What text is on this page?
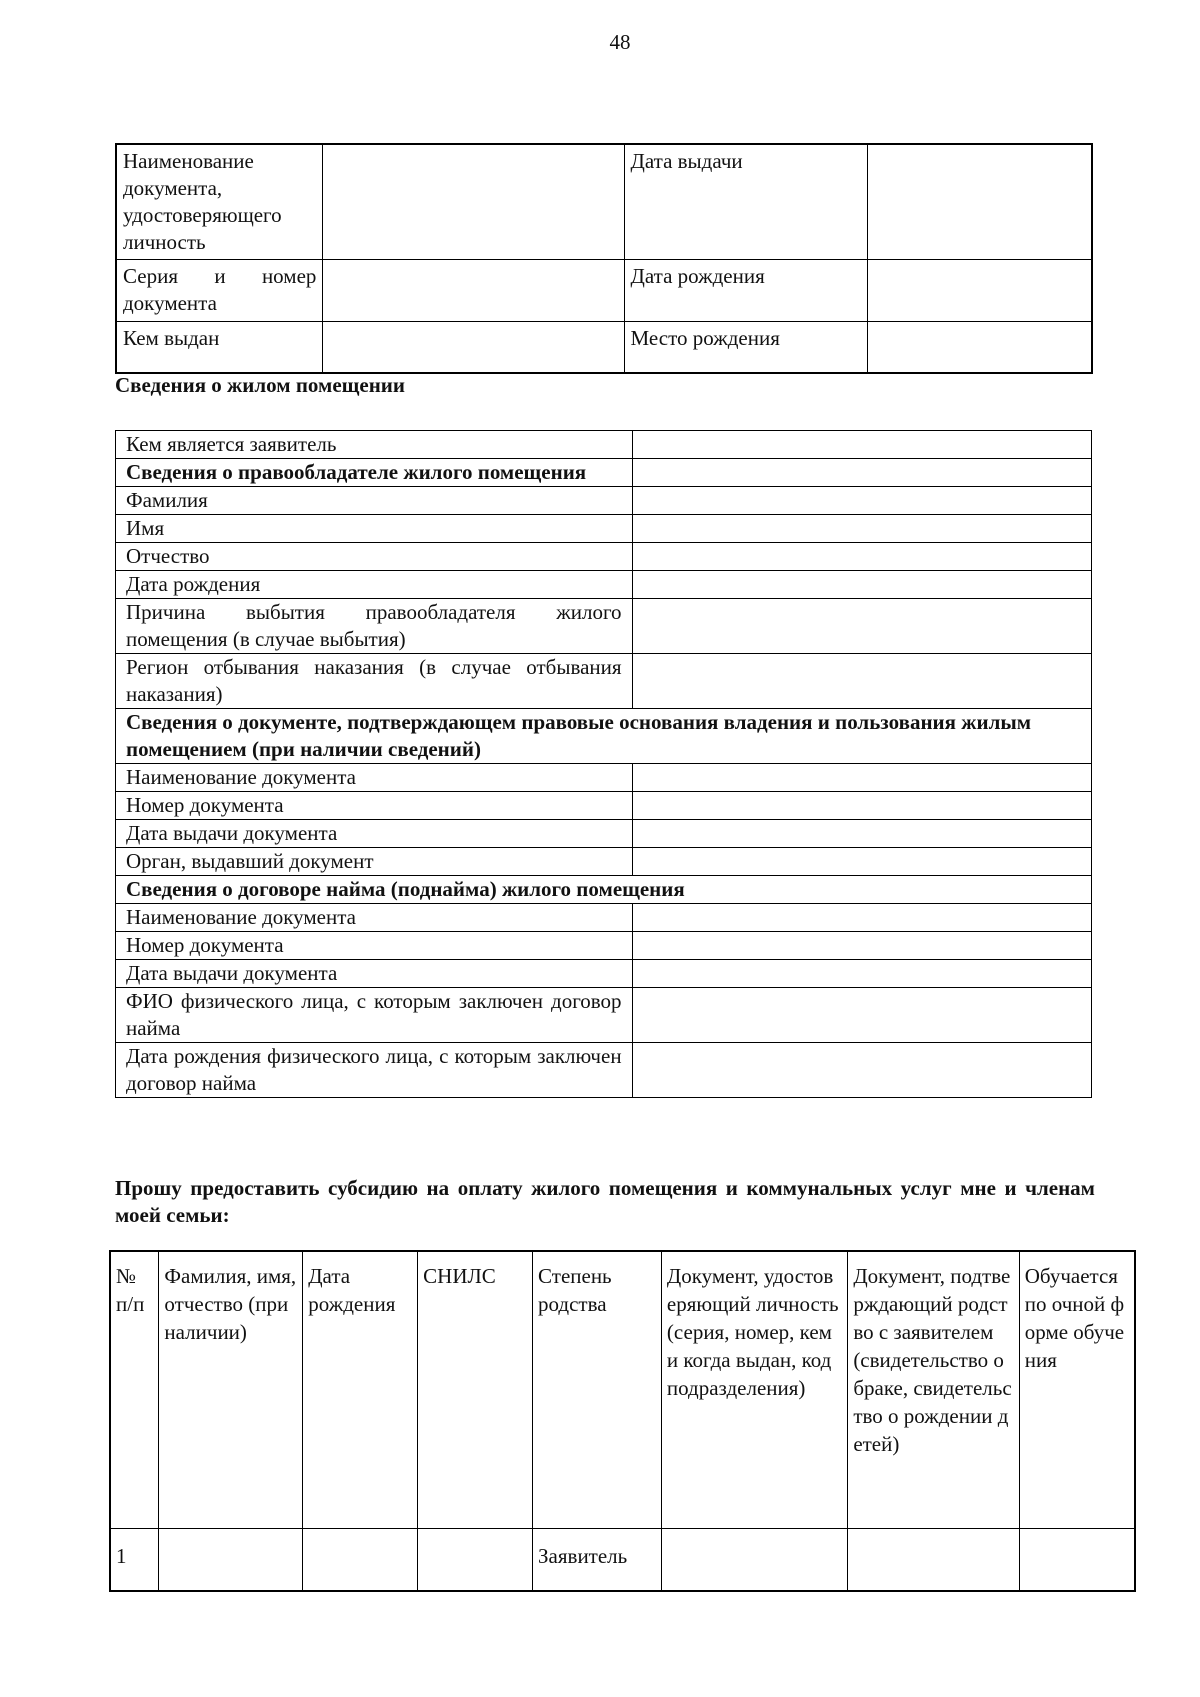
48
Наименование документа, удостоверяющего личность		Дата выдачи	
Серия и номер документа		Дата рождения	
Кем выдан		Место рождения	
Сведения о жилом помещении
Кем является заявитель	
Сведения о правообладателе жилого помещения	
Фамилия	
Имя	
Отчество	
Дата рождения	
Причина выбытия правообладателя жилого помещения (в случае выбытия)	
Регион отбывания наказания (в случае отбывания наказания)	
Сведения о документе, подтверждающем правовые основания владения и пользования жилым помещением (при наличии сведений)	
Наименование документа	
Номер документа	
Дата выдачи документа	
Орган, выдавший документ	
Сведения о договоре найма (поднайма) жилого помещения	
Наименование документа	
Номер документа	
Дата выдачи документа	
ФИО физического лица, с которым заключен договор найма	
Дата рождения физического лица, с которым заключен договор найма	
Прошу предоставить субсидию на оплату жилого помещения и коммунальных услуг мне и членам моей семьи:
№ п/п	Фамилия, имя, отчество (при наличии)	Дата рождения	СНИЛС	Степень родства	Документ, удостоверяющий личность (серия, номер, кем и когда выдан, код подразделения)	Документ, подтверждающий родство с заявителем (свидетельство о браке, свидетельство о рождении детей)	Обучается по очной форме обучения
1				Заявитель			
